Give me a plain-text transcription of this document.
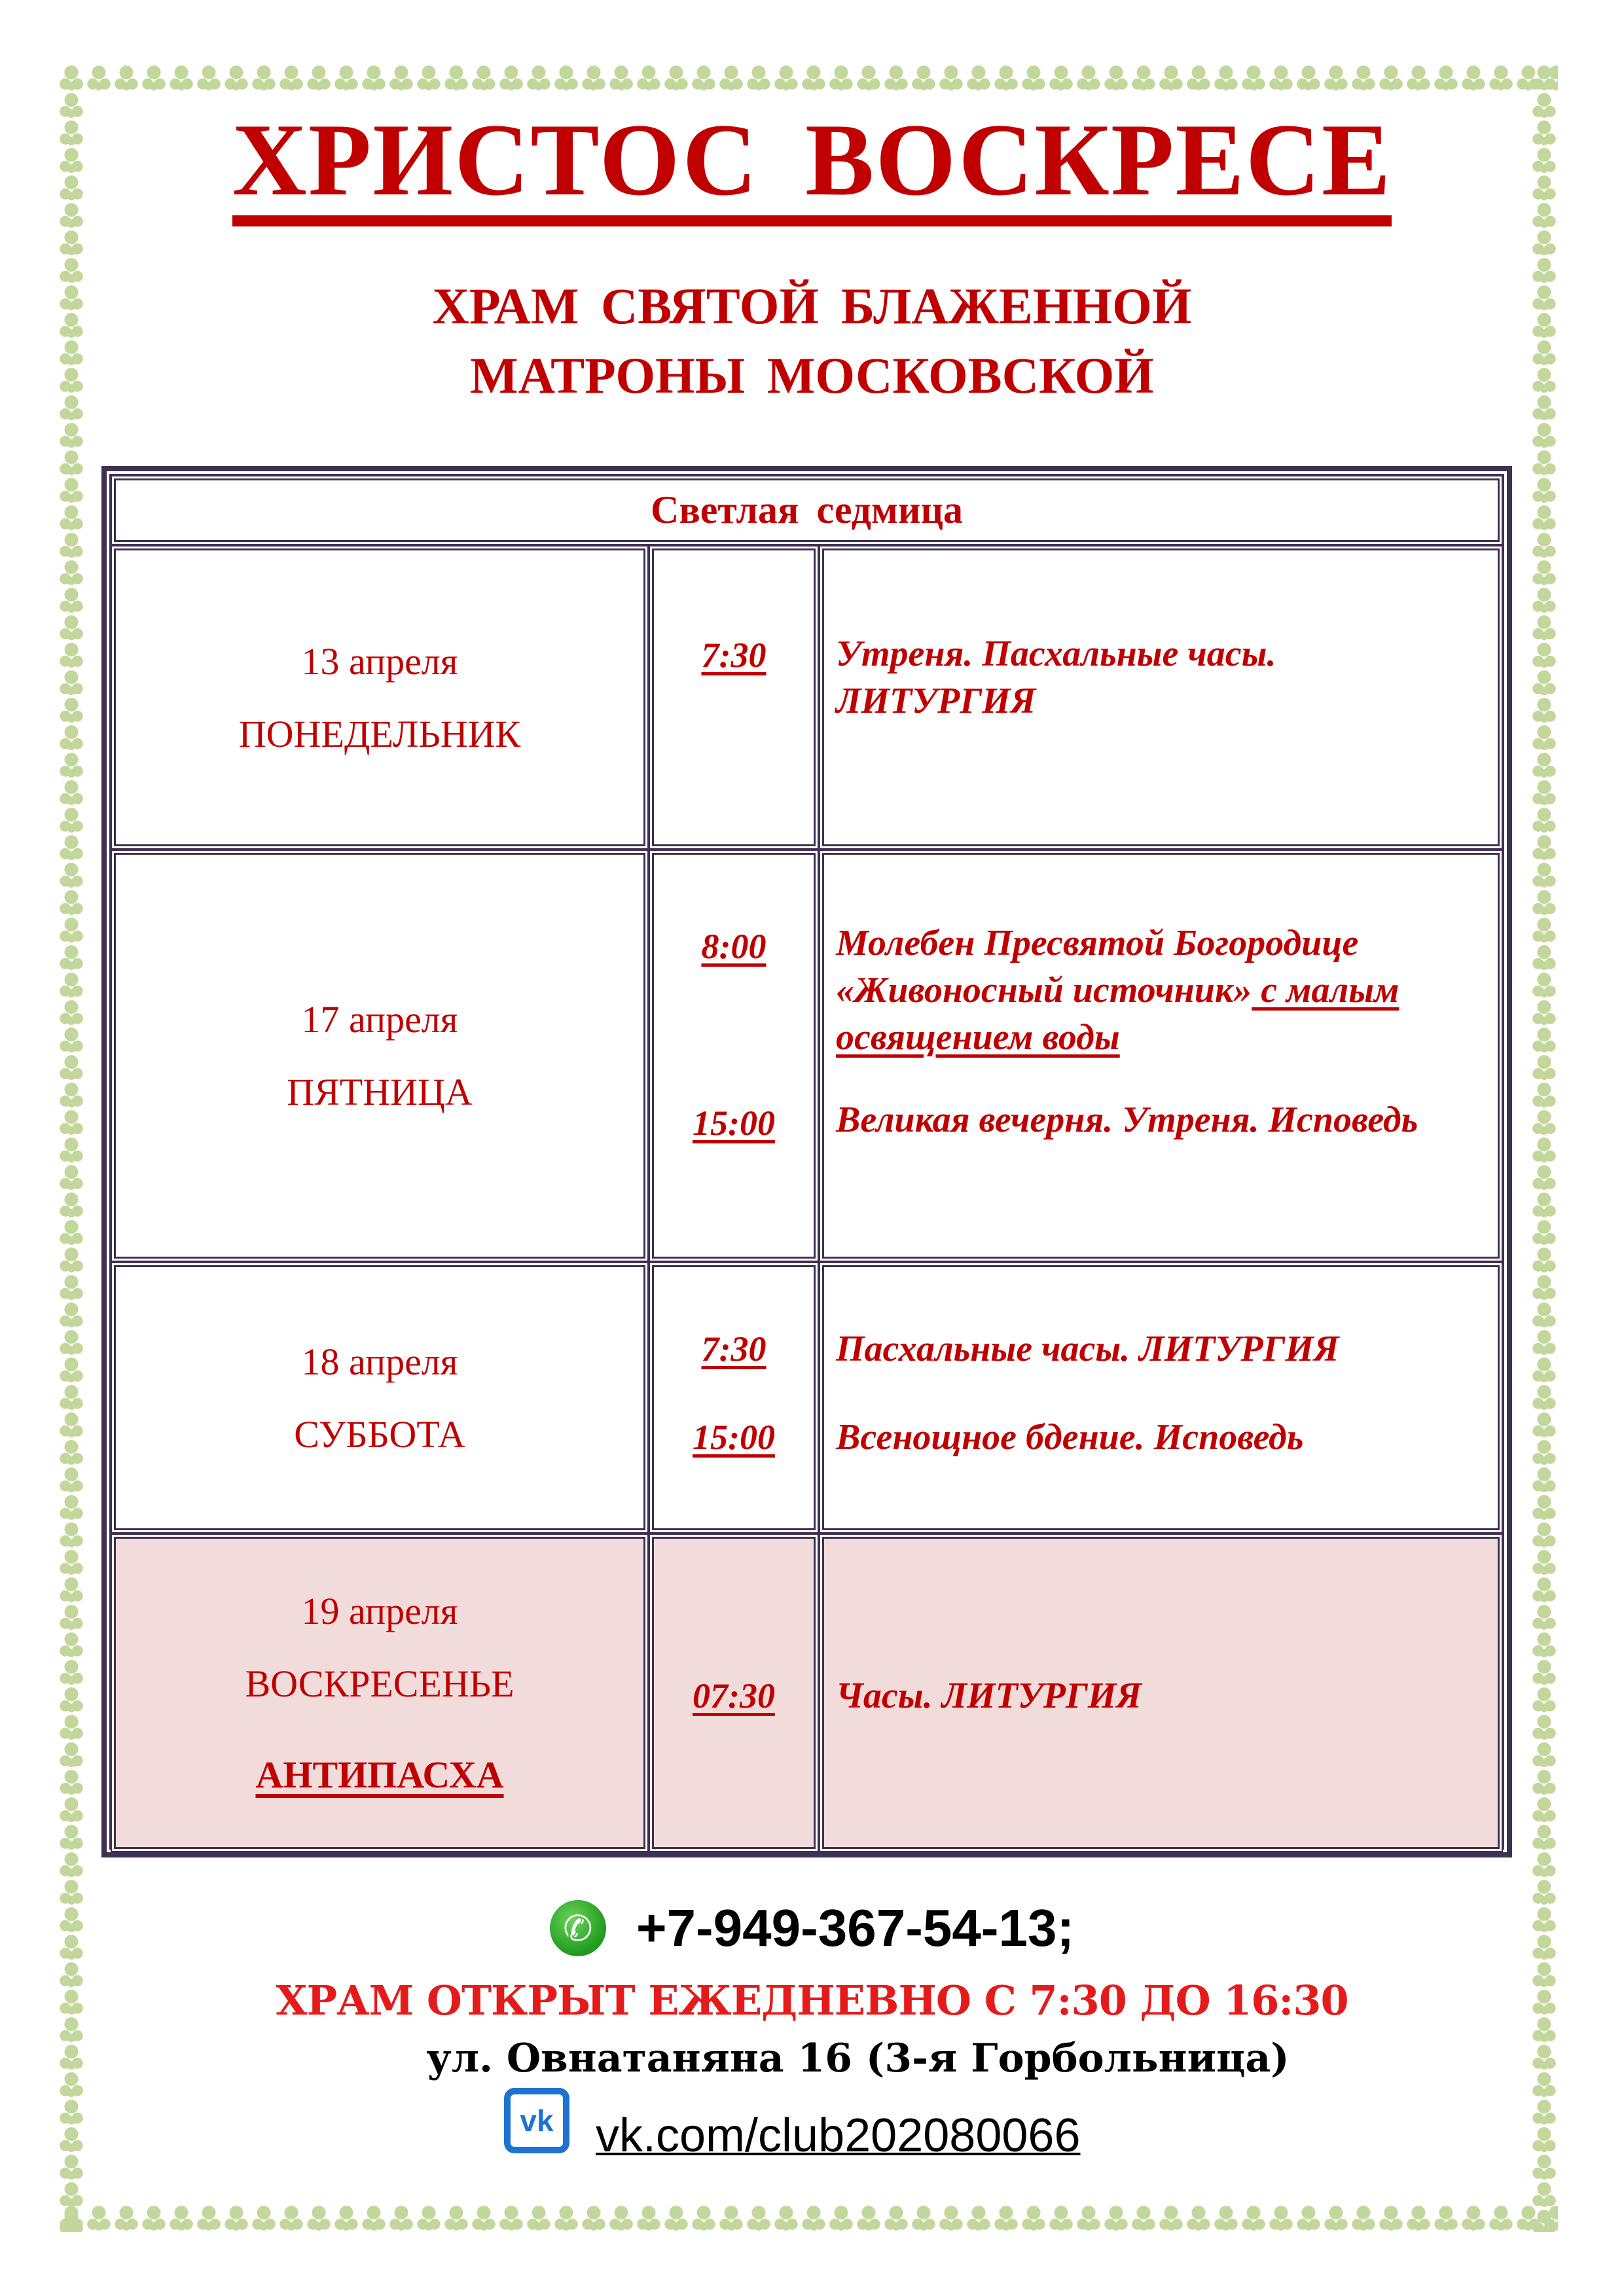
ХРИСТОС ВОСКРЕСЕ
ХРАМ СВЯТОЙ БЛАЖЕННОЙ
МАТРОНЫ МОСКОВСКОЙ
Светлая седмица
13 апреля
ПОНЕДЕЛЬНИК
7:30	Утреня. Пасхальные часы. ЛИТУРГИЯ
17 апреля
ПЯТНИЦА
8:00
15:00
Молебен Пресвятой Богородице «Живоносный источник» с малым освящением воды
Великая вечерня. Утреня. Исповедь
18 апреля
СУББОТА
7:30
15:00
Пасхальные часы. ЛИТУРГИЯ
Всенощное бдение. Исповедь
19 апреля
ВОСКРЕСЕНЬЕ
АНТИПАСХА
07:30	Часы. ЛИТУРГИЯ
✆ +7-949-367-54-13;
ХРАМ ОТКРЫТ ЕЖЕДНЕВНО С 7:30 ДО 16:30
ул. Овнатаняна 16 (3-я Горбольница)
vk vk.com/club202080066
